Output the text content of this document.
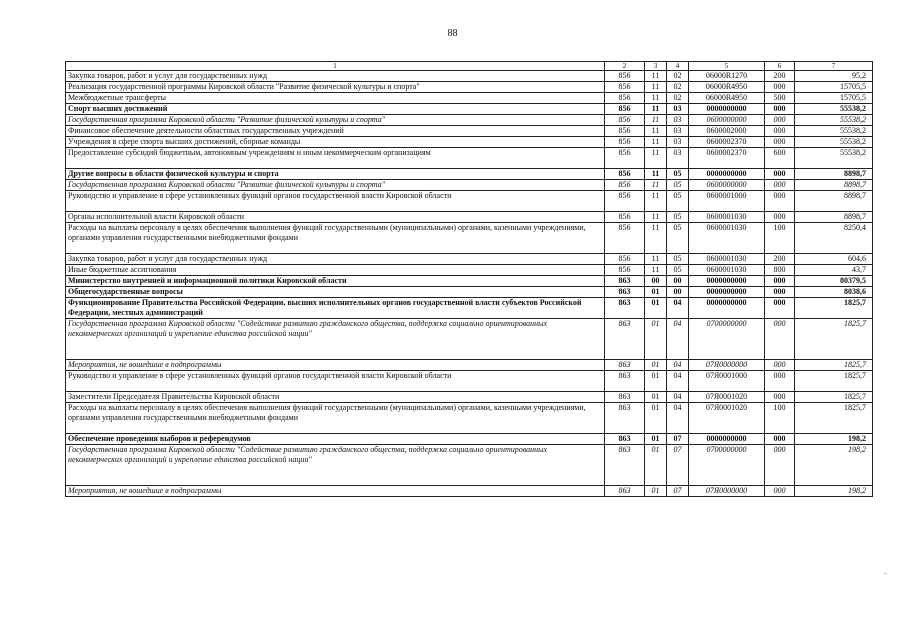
88
1	2	3	4	5	6	7
Закупка товаров, работ и услуг для государственных нужд	856	11	02	06000R1270	200	95,2
Реализация государственной программы Кировской области "Развитие физической культуры и спорта"	856	11	02	06000R4950	000	15705,5
Межбюджетные трансферты	856	11	02	06000R4950	500	15705,5
Спорт высших достижений	856	11	03	0000000000	000	55538,2
Государственная программа Кировской области "Развитие физической культуры и спорта"	856	11	03	0600000000	000	55538,2
Финансовое обеспечение деятельности областных государственных учреждений	856	11	03	0600002000	000	55538,2
Учреждения в сфере спорта высших достижений, сборные команды	856	11	03	0600002370	000	55538,2
Предоставление субсидий бюджетным, автономным учреждениям и иным некоммерческим организациям	856	11	03	0600002370	600	55538,2
Другие вопросы в области физической культуры и спорта	856	11	05	0000000000	000	8898,7
Государственная программа Кировской области "Развитие физической культуры и спорта"	856	11	05	0600000000	000	8898,7
Руководство и управление в сфере установленных функций органов государственной власти Кировской области	856	11	05	0600001000	000	8898,7
Органы исполнительной власти Кировской области	856	11	05	0600001030	000	8898,7
Расходы на выплаты персоналу в целях обеспечения выполнения функций государственными (муниципальными) органами, казенными учреждениями, органами управления государственными внебюджетными фондами	856	11	05	0600001030	100	8250,4
Закупка товаров, работ и услуг для государственных нужд	856	11	05	0600001030	200	604,6
Иные бюджетные ассигнования	856	11	05	0600001030	800	43,7
Министерство внутренней и информационной политики Кировской области	863	00	00	0000000000	000	80379,5
Общегосударственные вопросы	863	01	00	0000000000	000	8038,6
Функционирование Правительства Российской Федерации, высших исполнительных органов государственной власти субъектов Российской Федерации, местных администраций	863	01	04	0000000000	000	1825,7
Государственная программа Кировской области "Содействие развитию гражданского общества, поддержка социально ориентированных некоммерческих организаций и укрепление единства российской нации"	863	01	04	0700000000	000	1825,7
Мероприятия, не вошедшие в подпрограммы	863	01	04	07Я0000000	000	1825,7
Руководство и управление в сфере установленных функций органов государственной власти Кировской области	863	01	04	07Я0001000	000	1825,7
Заместители Председателя Правительства Кировской области	863	01	04	07Я0001020	000	1825,7
Расходы на выплаты персоналу в целях обеспечения выполнения функций государственными (муниципальными) органами, казенными учреждениями, органами управления государственными внебюджетными фондами	863	01	04	07Я0001020	100	1825,7
Обеспечение проведения выборов и референдумов	863	01	07	0000000000	000	198,2
Государственная программа Кировской области "Содействие развитию гражданского общества, поддержка социально ориентированных некоммерческих организаций и укрепление единства российской нации"	863	01	07	0700000000	000	198,2
Мероприятия, не вошедшие в подпрограммы	863	01	07	07Я0000000	000	198,2
-
